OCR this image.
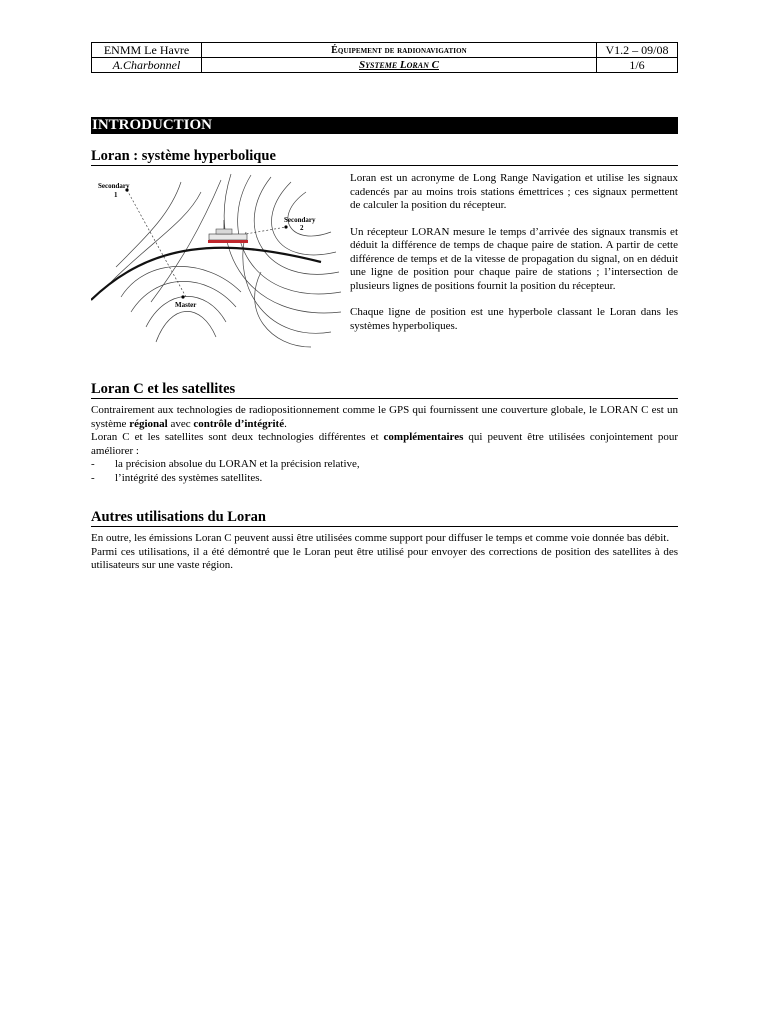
ENMM Le Havre	Équipement de radionavigation	V1.2 – 09/08
A.Charbonnel	Systeme Loran C	1/6
INTRODUCTION
Loran : système hyperbolique
Secondary
1
Secondary
2
Master

Loran est un acronyme de Long Range Navigation et utilise les signaux cadencés par au moins trois stations émettrices ; ces signaux permettent de calculer la position du récepteur.

Un récepteur LORAN mesure le temps d’arrivée des signaux transmis et déduit la différence de temps de chaque paire de station. A partir de cette différence de temps et de la vitesse de propagation du signal, on en déduit une ligne de position pour chaque paire de stations ; l’intersection de plusieurs lignes de positions fournit la position du récepteur.

Chaque ligne de position est une hyperbole classant le Loran dans les systèmes hyperboliques.

Loran C et les satellites

Contrairement aux technologies de radiopositionnement comme le GPS qui fournissent une couverture globale, le LORAN C est un système régional avec contrôle d’intégrité.

Loran C et les satellites sont deux technologies différentes et complémentaires qui peuvent être utilisées conjointement pour améliorer :

-	la précision absolue du LORAN et la précision relative,
-	l’intégrité des systèmes satellites.
Autres utilisations du Loran

En outre, les émissions Loran C peuvent aussi être utilisées comme support pour diffuser le temps et comme voie donnée bas débit.

Parmi ces utilisations, il a été démontré que le Loran peut être utilisé pour envoyer des corrections de position des satellites à des utilisateurs sur une vaste région.
